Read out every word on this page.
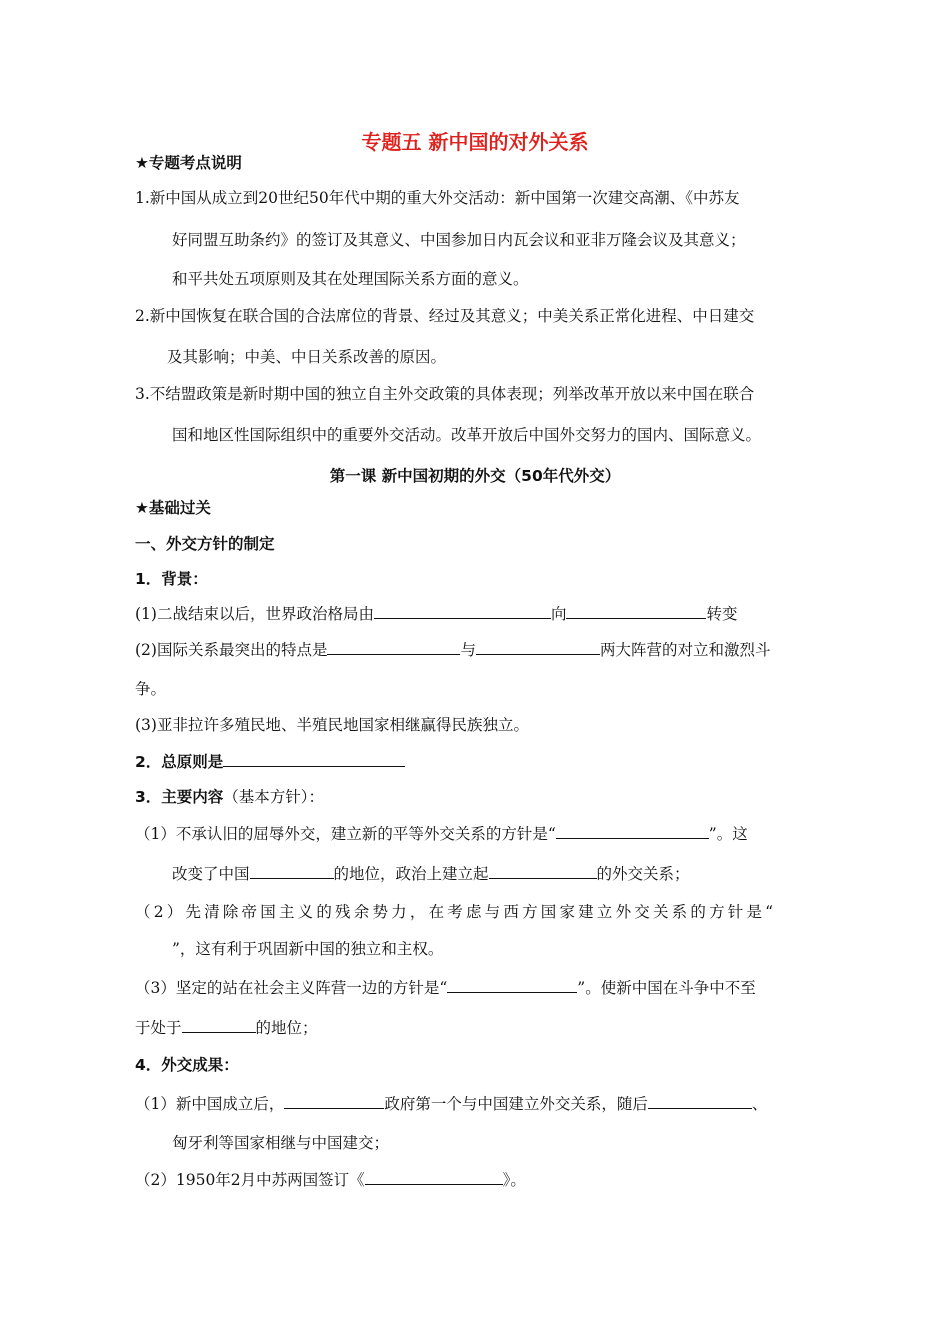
专题五 新中国的对外关系
★专题考点说明
1.新中国从成立到20世纪50年代中期的重大外交活动：新中国第一次建交高潮、《中苏友
好同盟互助条约》的签订及其意义、中国参加日内瓦会议和亚非万隆会议及其意义；
和平共处五项原则及其在处理国际关系方面的意义。
2.新中国恢复在联合国的合法席位的背景、经过及其意义；中美关系正常化进程、中日建交
及其影响；中美、中日关系改善的原因。
3.不结盟政策是新时期中国的独立自主外交政策的具体表现；列举改革开放以来中国在联合
国和地区性国际组织中的重要外交活动。改革开放后中国外交努力的国内、国际意义。
第一课 新中国初期的外交（50年代外交）
★基础过关
一、外交方针的制定
1．背景：
(1)二战结束以后，世界政治格局由	向	转变
(2)国际关系最突出的特点是	与	两大阵营的对立和激烈斗
争。
(3)亚非拉许多殖民地、半殖民地国家相继赢得民族独立。
2．总原则是
3．主要内容（基本方针）：
（1）不承认旧的屈辱外交，建立新的平等外交关系的方针是“	”。这
改变了中国	的地位，政治上建立起	的外交关系；
（2）先清除帝国主义的残余势力，在考虑与西方国家建立外交关系的方针是“
”，这有利于巩固新中国的独立和主权。
（3）坚定的站在社会主义阵营一边的方针是“	”。使新中国在斗争中不至
于处于	的地位；
4．外交成果：
（1）新中国成立后，	政府第一个与中国建立外交关系，随后	、
匈牙利等国家相继与中国建交；
（2）1950年2月中苏两国签订《	》。
